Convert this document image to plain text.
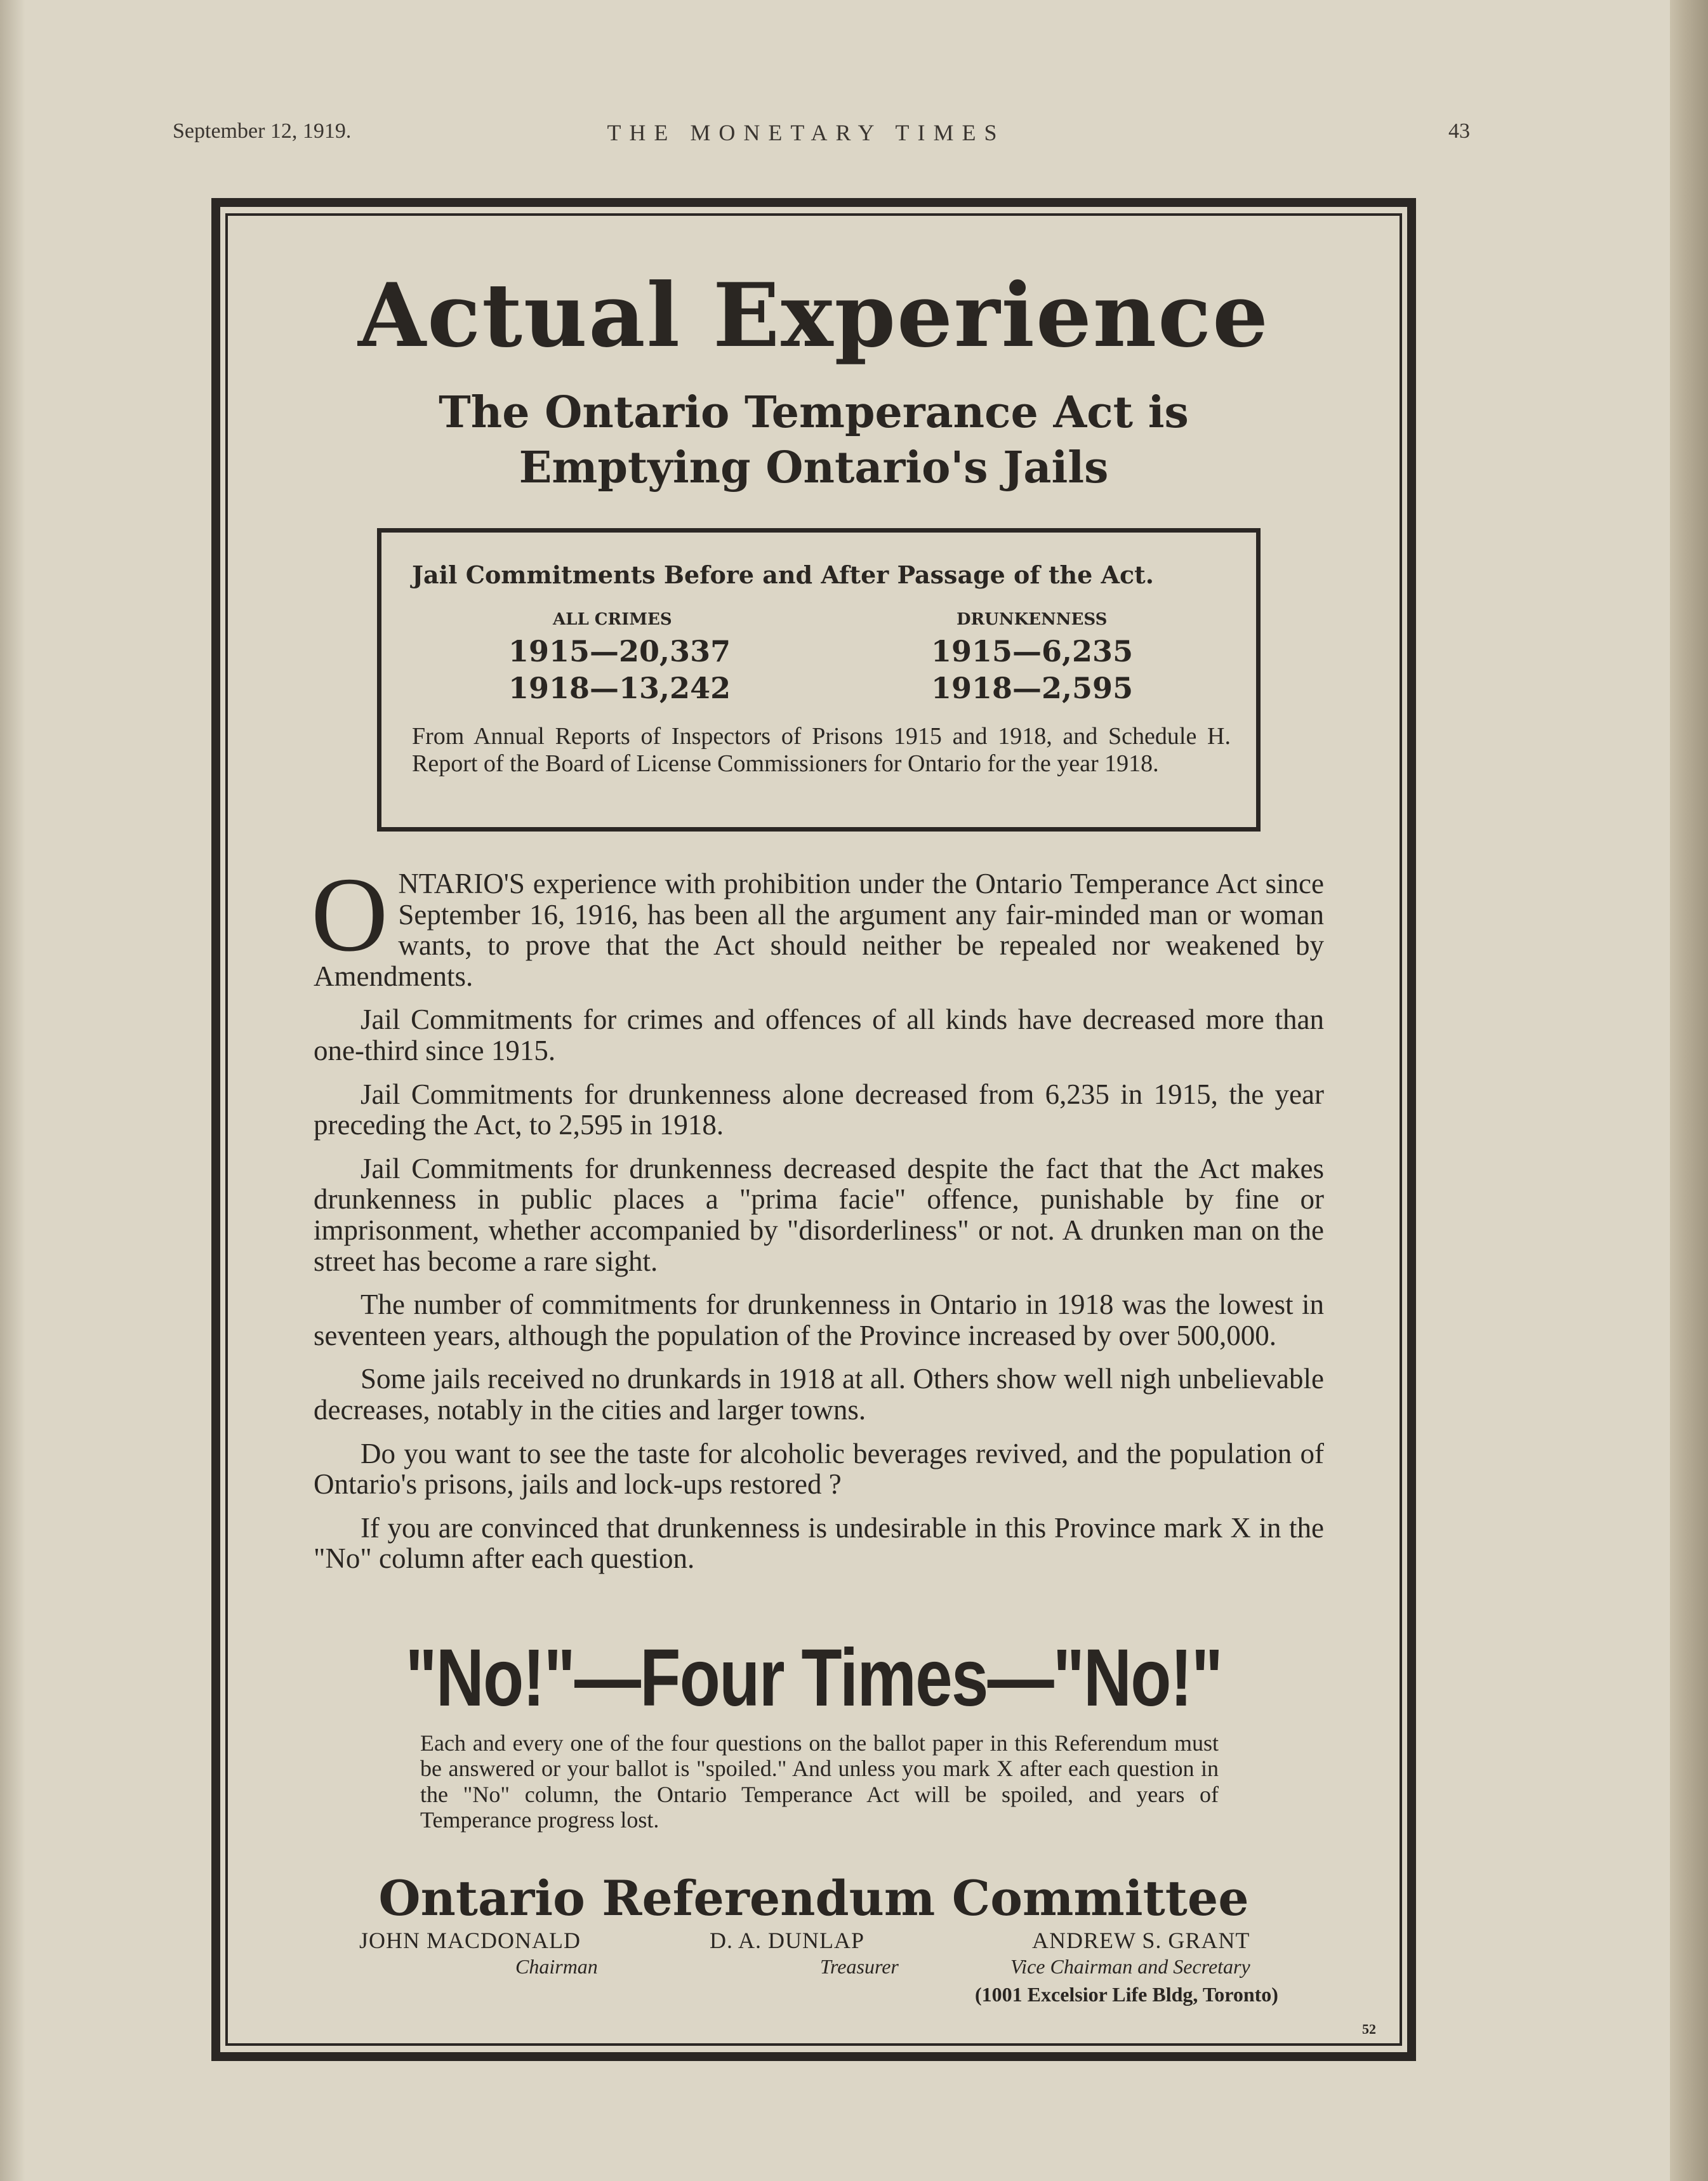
September 12, 1919.	THE MONETARY TIMES	43
Actual Experience
The Ontario Temperance Act is
Emptying Ontario's Jails
Jail Commitments Before and After Passage of the Act.
ALL CRIMES
1915—20,337
1918—13,242
DRUNKENNESS
1915—6,235
1918—2,595
From Annual Reports of Inspectors of Prisons 1915 and 1918, and Schedule H. Report of the Board of License Commissioners for Ontario for the year 1918.

ONTARIO'S experience with prohibition under the Ontario Temperance Act since September 16, 1916, has been all the argument any fair-minded man or woman wants, to prove that the Act should neither be repealed nor weakened by Amendments.

Jail Commitments for crimes and offences of all kinds have decreased more than one-third since 1915.

Jail Commitments for drunkenness alone decreased from 6,235 in 1915, the year preceding the Act, to 2,595 in 1918.

Jail Commitments for drunkenness decreased despite the fact that the Act makes drunkenness in public places a "prima facie" offence, punishable by fine or imprisonment, whether accompanied by "disorderliness" or not. A drunken man on the street has become a rare sight.

The number of commitments for drunkenness in Ontario in 1918 was the lowest in seventeen years, although the population of the Province increased by over 500,000.

Some jails received no drunkards in 1918 at all. Others show well nigh unbelievable decreases, notably in the cities and larger towns.

Do you want to see the taste for alcoholic beverages revived, and the population of Ontario's prisons, jails and lock-ups restored ?

If you are convinced that drunkenness is undesirable in this Province mark X in the "No" column after each question.

"No!"—Four Times—"No!"
Each and every one of the four questions on the ballot paper in this Referendum must be answered or your ballot is "spoiled." And unless you mark X after each question in the "No" column, the Ontario Temperance Act will be spoiled, and years of Temperance progress lost.
Ontario Referendum Committee
JOHN MACDONALD
Chairman
D. A. DUNLAP
Treasurer
ANDREW S. GRANT
Vice Chairman and Secretary
(1001 Excelsior Life Bldg, Toronto)
52
